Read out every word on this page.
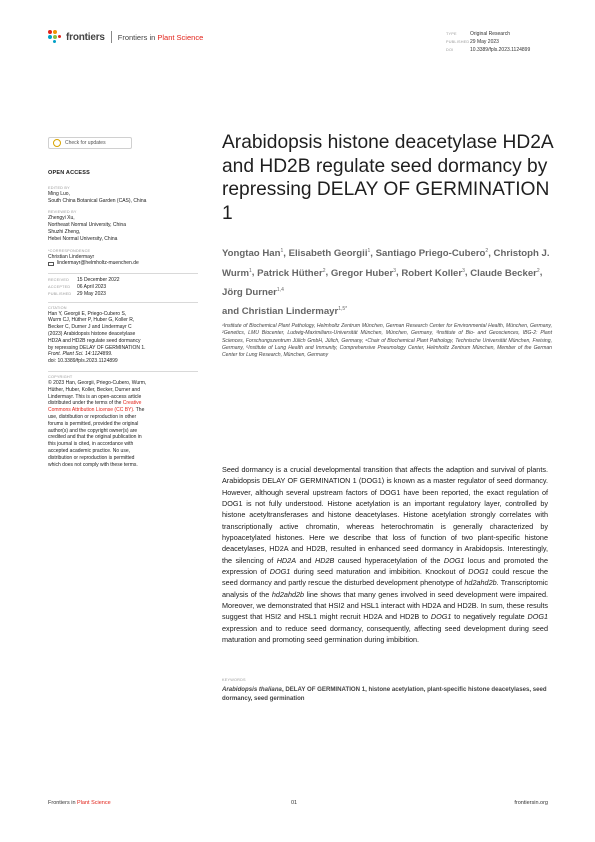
frontiers Frontiers in Plant Science	TYPE	Original Research
PUBLISHED 29 May 2023
DOI	10.3389/fpls.2023.1124899
Check for updates
OPEN ACCESS
EDITED BY
Ming Luo,
South China Botanical Garden (CAS), China
REVIEWED BY
Zhengyi Xu,
Northeast Normal University, China
Shuzhi Zheng,
Hebei Normal University, China
*CORRESPONDENCE
Christian Lindermayr
lindermayr@helmholtz-muenchen.de
RECEIVED	15 December 2022
ACCEPTED	06 April 2023
PUBLISHED	29 May 2023
CITATION
Han Y, Georgii E, Priego-Cubero S,
Wurm CJ, Hüther P, Huber G, Koller R,
Becker C, Durner J and Lindermayr C
(2023) Arabidopsis histone deacetylase
HD2A and HD2B regulate seed dormancy
by repressing DELAY OF GERMINATION 1.
Front. Plant Sci. 14:1124899.
doi: 10.3389/fpls.2023.1124899
COPYRIGHT
© 2023 Han, Georgii, Priego-Cubero, Wurm,
Hüther, Huber, Koller, Becker, Durner and
Lindermayr. This is an open-access article
distributed under the terms of the Creative
Commons Attribution License (CC BY). The
use, distribution or reproduction in other
forums is permitted, provided the original
author(s) and the copyright owner(s) are
credited and that the original publication in
this journal is cited, in accordance with
accepted academic practice. No use,
distribution or reproduction is permitted
which does not comply with these terms.
Arabidopsis histone deacetylase HD2A and HD2B regulate seed dormancy by repressing DELAY OF GERMINATION 1
Yongtao Han$^1$, Elisabeth Georgii$^1$, Santiago Priego-Cubero$^2$, Christoph J. Wurm$^1$, Patrick Hüther$^2$, Gregor Huber$^3$, Robert Koller$^3$, Claude Becker$^2$, Jörg Durner$^{1,4}$
and Christian Lindermayr$^{1,5*}$
¹Institute of Biochemical Plant Pathology, Helmholtz Zentrum München, German Research Center for Environmental Health, München, Germany, ²Genetics, LMU Biocenter, Ludwig-Maximilians-Universität München, München, Germany, ³Institute of Bio- and Geosciences, IBG-2: Plant Sciences, Forschungszentrum Jülich GmbH, Jülich, Germany, ⁴Chair of Biochemical Plant Pathology, Technische Universität München, Freising, Germany, ⁵Institute of Lung Health and Immunity, Comprehensive Pneumology Center, Helmholtz Zentrum München, Member of the German Center for Lung Research, München, Germany
Seed dormancy is a crucial developmental transition that affects the adaption and survival of plants. Arabidopsis DELAY OF GERMINATION 1 (DOG1) is known as a master regulator of seed dormancy. However, although several upstream factors of DOG1 have been reported, the exact regulation of DOG1 is not fully understood. Histone acetylation is an important regulatory layer, controlled by histone acetyltransferases and histone deacetylases. Histone acetylation strongly correlates with transcriptionally active chromatin, whereas heterochromatin is generally characterized by hypoacetylated histones. Here we describe that loss of function of two plant-specific histone deacetylases, HD2A and HD2B, resulted in enhanced seed dormancy in Arabidopsis. Interestingly, the silencing of HD2A and HD2B caused hyperacetylation of the DOG1 locus and promoted the expression of DOG1 during seed maturation and imbibition. Knockout of DOG1 could rescue the seed dormancy and partly rescue the disturbed development phenotype of hd2ahd2b. Transcriptomic analysis of the hd2ahd2b line shows that many genes involved in seed development were impaired. Moreover, we demonstrated that HSI2 and HSL1 interact with HD2A and HD2B. In sum, these results suggest that HSI2 and HSL1 might recruit HD2A and HD2B to DOG1 to negatively regulate DOG1 expression and to reduce seed dormancy, consequently, affecting seed development during seed maturation and promoting seed germination during imbibition.
KEYWORDS
Arabidopsis thaliana, DELAY OF GERMINATION 1, histone acetylation, plant-specific histone deacetylases, seed dormancy, seed germination
Frontiers in Plant Science	01	frontiersin.org
